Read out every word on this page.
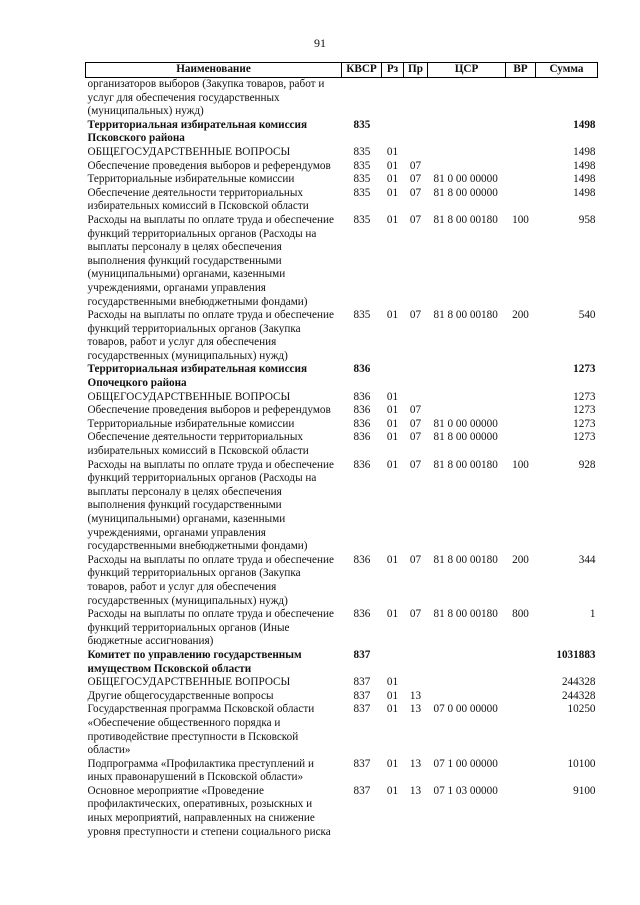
91
Наименование	КВСР	Рз	Пр	ЦСР	ВР	Сумма
организаторов выборов (Закупка товаров, работ и услуг для обеспечения государственных (муниципальных) нужд)						
Территориальная избирательная комиссия Псковского района	835					1498
ОБЩЕГОСУДАРСТВЕННЫЕ ВОПРОСЫ	835	01				1498
Обеспечение проведения выборов и референдумов	835	01	07			1498
Территориальные избирательные комиссии	835	01	07	81 0 00 00000		1498
Обеспечение деятельности территориальных избирательных комиссий в Псковской области	835	01	07	81 8 00 00000		1498
Расходы на выплаты по оплате труда и обеспечение функций территориальных органов (Расходы на выплаты персоналу в целях обеспечения выполнения функций государственными (муниципальными) органами, казенными учреждениями, органами управления государственными внебюджетными фондами)	835	01	07	81 8 00 00180	100	958
Расходы на выплаты по оплате труда и обеспечение функций территориальных органов (Закупка товаров, работ и услуг для обеспечения государственных (муниципальных) нужд)	835	01	07	81 8 00 00180	200	540
Территориальная избирательная комиссия Опочецкого района	836					1273
ОБЩЕГОСУДАРСТВЕННЫЕ ВОПРОСЫ	836	01				1273
Обеспечение проведения выборов и референдумов	836	01	07			1273
Территориальные избирательные комиссии	836	01	07	81 0 00 00000		1273
Обеспечение деятельности территориальных избирательных комиссий в Псковской области	836	01	07	81 8 00 00000		1273
Расходы на выплаты по оплате труда и обеспечение функций территориальных органов (Расходы на выплаты персоналу в целях обеспечения выполнения функций государственными (муниципальными) органами, казенными учреждениями, органами управления государственными внебюджетными фондами)	836	01	07	81 8 00 00180	100	928
Расходы на выплаты по оплате труда и обеспечение функций территориальных органов (Закупка товаров, работ и услуг для обеспечения государственных (муниципальных) нужд)	836	01	07	81 8 00 00180	200	344
Расходы на выплаты по оплате труда и обеспечение функций территориальных органов (Иные бюджетные ассигнования)	836	01	07	81 8 00 00180	800	1
Комитет по управлению государственным имуществом Псковской области	837					1031883
ОБЩЕГОСУДАРСТВЕННЫЕ ВОПРОСЫ	837	01				244328
Другие общегосударственные вопросы	837	01	13			244328
Государственная программа Псковской области «Обеспечение общественного порядка и противодействие преступности в Псковской области»	837	01	13	07 0 00 00000		10250
Подпрограмма «Профилактика преступлений и иных правонарушений в Псковской области»	837	01	13	07 1 00 00000		10100
Основное мероприятие «Проведение профилактических, оперативных, розыскных и иных мероприятий, направленных на снижение уровня преступности и степени социального риска	837	01	13	07 1 03 00000		9100
